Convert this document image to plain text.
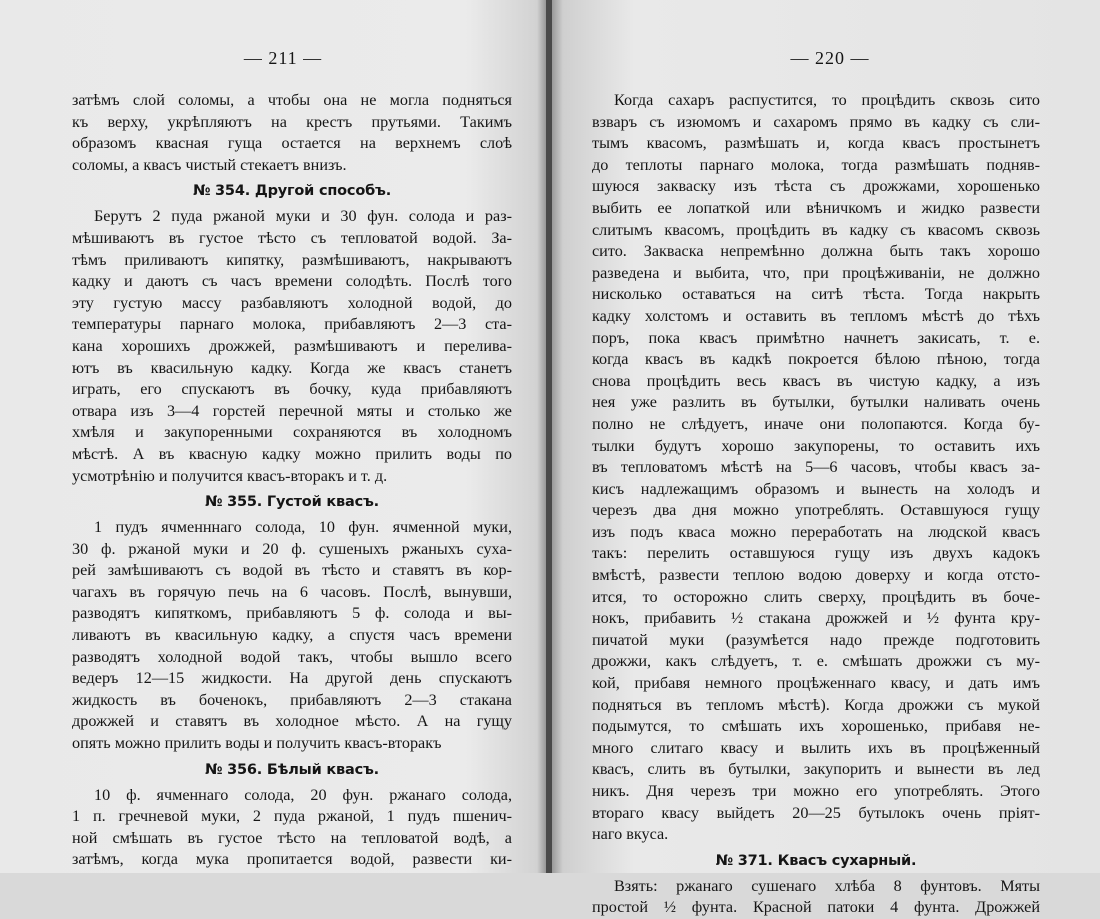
— 211 —
затѣмъ слой соломы, а чтобы она не могла подняться
къ верху, укрѣпляютъ на крестъ прутьями. Такимъ
образомъ квасная гуща остается на верхнемъ слоѣ
соломы, а квасъ чистый стекаетъ внизъ.
№ 354. Другой способъ.
Берутъ 2 пуда ржаной муки и 30 фун. солода и раз-
мѣшиваютъ въ густое тѣсто съ тепловатой водой. За-
тѣмъ приливаютъ кипятку, размѣшиваютъ, накрываютъ
кадку и даютъ съ часъ времени солодѣть. Послѣ того
эту густую массу разбавляютъ холодной водой, до
температуры парнаго молока, прибавляютъ 2—3 ста-
кана хорошихъ дрожжей, размѣшиваютъ и перелива-
ютъ въ квасильную кадку. Когда же квасъ станетъ
играть, его спускаютъ въ бочку, куда прибавляютъ
отвара изъ 3—4 горстей перечной мяты и столько же
хмѣля и закупоренными сохраняются въ холодномъ
мѣстѣ. А въ квасную кадку можно прилить воды по
усмотрѣнію и получится квасъ-вторакъ и т. д.
№ 355. Густой квасъ.
1 пудъ ячменннаго солода, 10 фун. ячменной муки,
30 ф. ржаной муки и 20 ф. сушеныхъ ржаныхъ суха-
рей замѣшиваютъ съ водой въ тѣсто и ставятъ въ кор-
чагахъ въ горячую печь на 6 часовъ. Послѣ, вынувши,
разводятъ кипяткомъ, прибавляютъ 5 ф. солода и вы-
ливаютъ въ квасильную кадку, а спустя часъ времени
разводятъ холодной водой такъ, чтобы вышло всего
ведеръ 12—15 жидкости. На другой день спускаютъ
жидкость въ боченокъ, прибавляютъ 2—3 стакана
дрожжей и ставятъ въ холодное мѣсто. А на гущу
опять можно прилить воды и получить квасъ-вторакъ
№ 356. Бѣлый квасъ.
10 ф. ячменнаго солода, 20 фун. ржанаго солода,
1 п. гречневой муки, 2 пуда ржаной, 1 пудъ пшенич-
ной смѣшать въ густое тѣсто на тепловатой водѣ, а
затѣмъ, когда мука пропитается водой, развести ки-
— 220 —
Когда сахаръ распустится, то процѣдить сквозь сито
взваръ съ изюмомъ и сахаромъ прямо въ кадку съ сли-
тымъ квасомъ, размѣшать и, когда квасъ простынетъ
до теплоты парнаго молока, тогда размѣшать подняв-
шуюся закваску изъ тѣста съ дрожжами, хорошенько
выбить ее лопаткой или вѣничкомъ и жидко развести
слитымъ квасомъ, процѣдить въ кадку съ квасомъ сквозь
сито. Закваска непремѣнно должна быть такъ хорошо
разведена и выбита, что, при процѣживаніи, не должно
нисколько оставаться на ситѣ тѣста. Тогда накрыть
кадку холстомъ и оставить въ тепломъ мѣстѣ до тѣхъ
поръ, пока квасъ примѣтно начнетъ закисать, т. е.
когда квасъ въ кадкѣ покроется бѣлою пѣною, тогда
снова процѣдить весь квасъ въ чистую кадку, а изъ
нея уже разлить въ бутылки, бутылки наливать очень
полно не слѣдуетъ, иначе они полопаются. Когда бу-
тылки будутъ хорошо закупорены, то оставить ихъ
въ тепловатомъ мѣстѣ на 5—6 часовъ, чтобы квасъ за-
кисъ надлежащимъ образомъ и вынесть на холодъ и
черезъ два дня можно употреблять. Оставшуюся гущу
изъ подъ кваса можно переработать на людской квасъ
такъ: перелить оставшуюся гущу изъ двухъ кадокъ
вмѣстѣ, развести теплою водою доверху и когда отсто-
ится, то осторожно слить сверху, процѣдить въ боче-
нокъ, прибавить ½ стакана дрожжей и ½ фунта кру-
пичатой муки (разумѣется надо прежде подготовить
дрожжи, какъ слѣдуетъ, т. е. смѣшать дрожжи съ му-
кой, прибавя немного процѣженнаго квасу, и дать имъ
подняться въ тепломъ мѣстѣ). Когда дрожжи съ мукой
подымутся, то смѣшать ихъ хорошенько, прибавя не-
много слитаго квасу и вылить ихъ въ процѣженный
квасъ, слить въ бутылки, закупорить и вынести въ лед
никъ. Дня черезъ три можно его употреблять. Этого
втораго квасу выйдетъ 20—25 бутылокъ очень пріят-
наго вкуса.
№ 371. Квасъ сухарный.
Взять: ржанаго сушенаго хлѣба 8 фунтовъ. Мяты
простой ½ фунта. Красной патоки 4 фунта. Дрожжей
